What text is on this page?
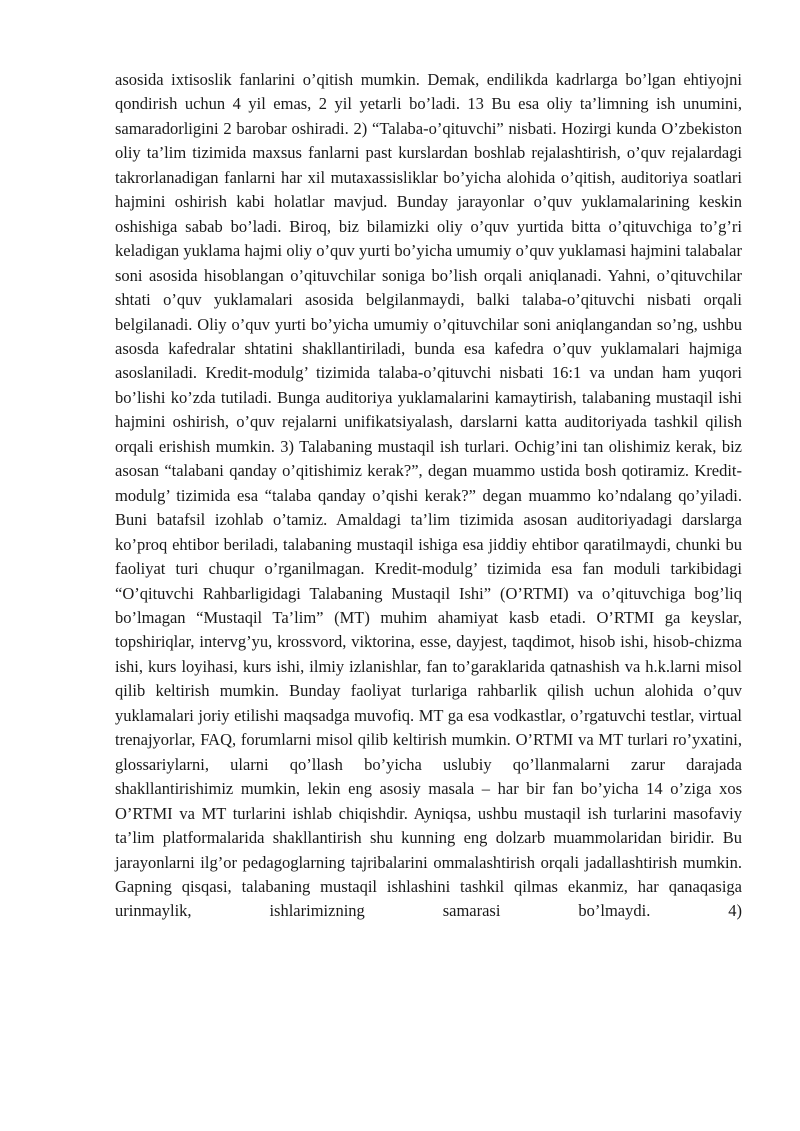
asosida ixtisoslik fanlarini o’qitish mumkin. Demak, endilikda kadrlarga bo’lgan ehtiyojni qondirish uchun 4 yil emas, 2 yil yetarli bo’ladi. 13 Bu esa oliy ta’limning ish unumini, samaradorligini 2 barobar oshiradi. 2) “Talaba-o’qituvchi” nisbati. Hozirgi kunda O’zbekiston oliy ta’lim tizimida maxsus fanlarni past kurslardan boshlab rejalashtirish, o’quv rejalardagi takrorlanadigan fanlarni har xil mutaxassisliklar bo’yicha alohida o’qitish, auditoriya soatlari hajmini oshirish kabi holatlar mavjud. Bunday jarayonlar o’quv yuklamalarining keskin oshishiga sabab bo’ladi. Biroq, biz bilamizki oliy o’quv yurtida bitta o’qituvchiga to’g’ri keladigan yuklama hajmi oliy o’quv yurti bo’yicha umumiy o’quv yuklamasi hajmini talabalar soni asosida hisoblangan o’qituvchilar soniga bo’lish orqali aniqlanadi. Yahni, o’qituvchilar shtati o’quv yuklamalari asosida belgilanmaydi, balki talaba-o’qituvchi nisbati orqali belgilanadi. Oliy o’quv yurti bo’yicha umumiy o’qituvchilar soni aniqlangandan so’ng, ushbu asosda kafedralar shtatini shakllantiriladi, bunda esa kafedra o’quv yuklamalari hajmiga asoslaniladi. Kredit-modulg’ tizimida talaba-o’qituvchi nisbati 16:1 va undan ham yuqori bo’lishi ko’zda tutiladi. Bunga auditoriya yuklamalarini kamaytirish, talabaning mustaqil ishi hajmini oshirish, o’quv rejalarni unifikatsiyalash, darslarni katta auditoriyada tashkil qilish orqali erishish mumkin. 3) Talabaning mustaqil ish turlari. Ochig’ini tan olishimiz kerak, biz asosan “talabani qanday o’qitishimiz kerak?”, degan muammo ustida bosh qotiramiz. Kredit-modulg’ tizimida esa “talaba qanday o’qishi kerak?” degan muammo ko’ndalang qo’yiladi. Buni batafsil izohlab o’tamiz. Amaldagi ta’lim tizimida asosan auditoriyadagi darslarga ko’proq ehtibor beriladi, talabaning mustaqil ishiga esa jiddiy ehtibor qaratilmaydi, chunki bu faoliyat turi chuqur o’rganilmagan. Kredit-modulg’ tizimida esa fan moduli tarkibidagi “O’qituvchi Rahbarligidagi Talabaning Mustaqil Ishi” (O’RTMI) va o’qituvchiga bog’liq bo’lmagan “Mustaqil Ta’lim” (MT) muhim ahamiyat kasb etadi. O’RTMI ga keyslar, topshiriqlar, intervg’yu, krossvord, viktorina, esse, dayjest, taqdimot, hisob ishi, hisob-chizma ishi, kurs loyihasi, kurs ishi, ilmiy izlanishlar, fan to’garaklarida qatnashish va h.k.larni misol qilib keltirish mumkin. Bunday faoliyat turlariga rahbarlik qilish uchun alohida o’quv yuklamalari joriy etilishi maqsadga muvofiq. MT ga esa vodkastlar, o’rgatuvchi testlar, virtual trenajyorlar, FAQ, forumlarni misol qilib keltirish mumkin. O’RTMI va MT turlari ro’yxatini, glossariylarni, ularni qo’llash bo’yicha uslubiy qo’llanmalarni zarur darajada shakllantirishimiz mumkin, lekin eng asosiy masala – har bir fan bo’yicha 14 o’ziga xos O’RTMI va MT turlarini ishlab chiqishdir. Ayniqsa, ushbu mustaqil ish turlarini masofaviy ta’lim platformalarida shakllantirish shu kunning eng dolzarb muammolaridan biridir. Bu jarayonlarni ilg’or pedagoglarning tajribalarini ommalashtirish orqali jadallashtirish mumkin. Gapning qisqasi, talabaning mustaqil ishlashini tashkil qilmas ekanmiz, har qanaqasiga urinmaylik, ishlarimizning samarasi bo’lmaydi. 4)
